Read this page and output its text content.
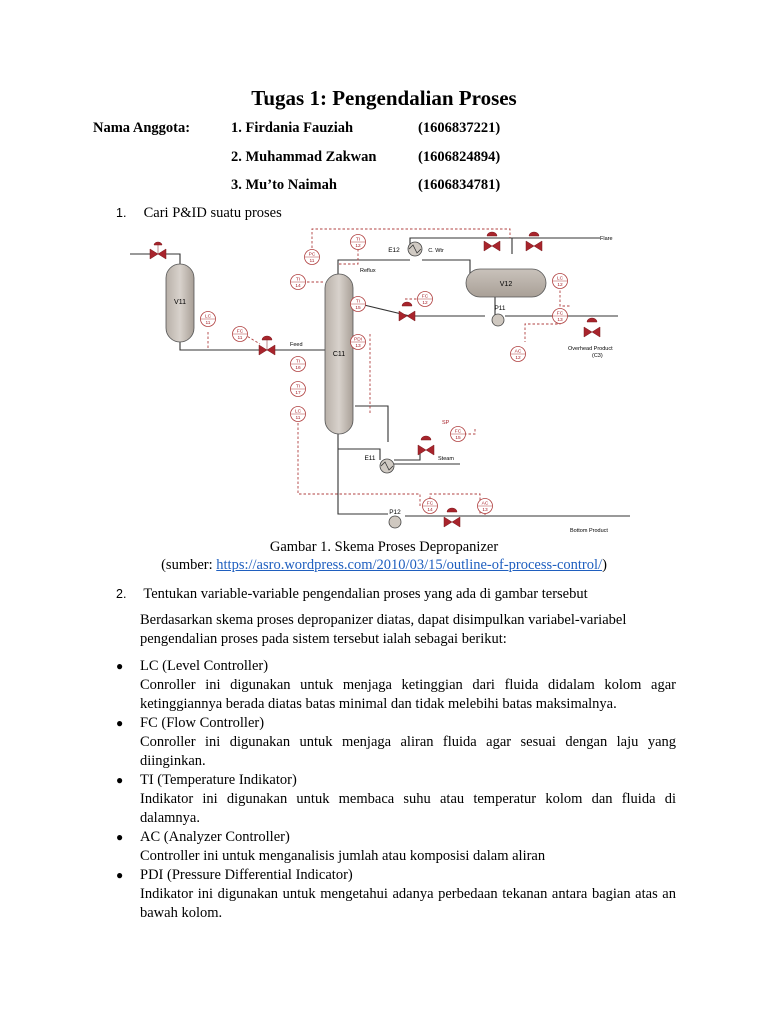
Tugas 1: Pengendalian Proses
Nama Anggota:	1. Firdania Fauziah	(1606837221)
2. Muhammad Zakwan	(1606824894)
3. Mu’to Naimah	(1606834781)
1. Cari P&ID suatu proses
V11
C11
V12
E12	C. Wtr
E11
P11
P12
Flare
Reflux
Feed
Steam
SP
Overhead Product
(C3)
Bottom Product
PC
11
TI
12
TI
14
TI
15
PDI
13
TI
16
TI
17
LC
11
LC
11
FC
11
FC
12
LC
12
FC
13
AC
12
FC
15
FC
14
AC
13
Gambar 1. Skema Proses Depropanizer
(sumber: https://asro.wordpress.com/2010/03/15/outline-of-process-control/)
2. Tentukan variable-variable pengendalian proses yang ada di gambar tersebut
Berdasarkan skema proses depropanizer diatas, dapat disimpulkan variabel-variabel pengendalian proses pada sistem tersebut ialah sebagai berikut:
● LC (Level Controller)
Conroller ini digunakan untuk menjaga ketinggian dari fluida didalam kolom agar ketinggiannya berada diatas batas minimal dan tidak melebihi batas maksimalnya.
● FC (Flow Controller)
Conroller ini digunakan untuk menjaga aliran fluida agar sesuai dengan laju yang diinginkan.
● TI (Temperature Indikator)
Indikator ini digunakan untuk membaca suhu atau temperatur kolom dan fluida di dalamnya.
● AC (Analyzer Controller)
Controller ini untuk menganalisis jumlah atau komposisi dalam aliran
● PDI (Pressure Differential Indicator)
Indikator ini digunakan untuk mengetahui adanya perbedaan tekanan antara bagian atas an bawah kolom.
